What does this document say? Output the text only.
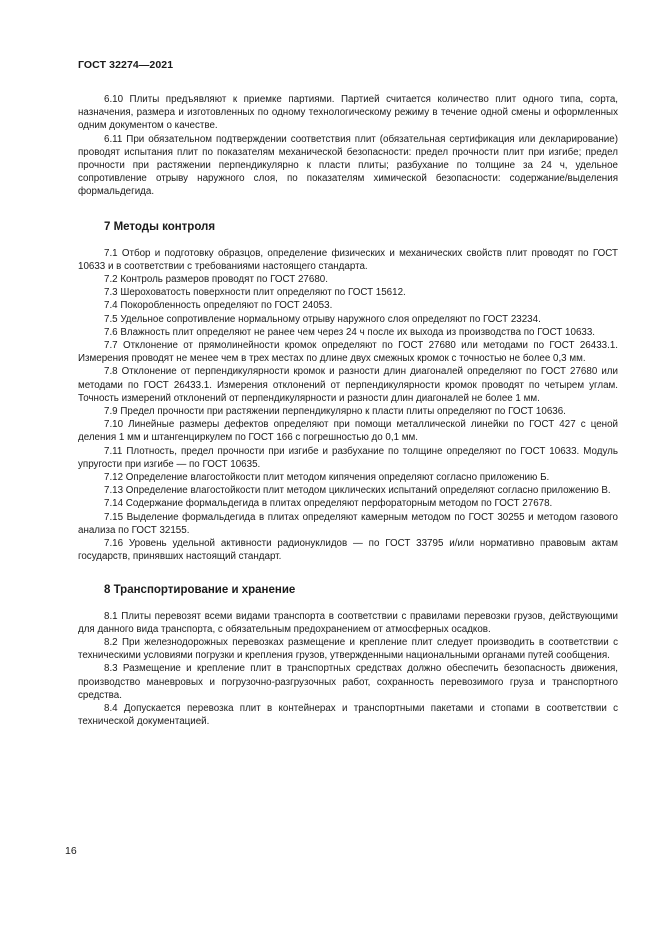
ГОСТ 32274—2021

6.10 Плиты предъявляют к приемке партиями. Партией считается количество плит одного типа, сорта, назначения, размера и изготовленных по одному технологическому режиму в течение одной смены и оформленных одним документом о качестве.

6.11 При обязательном подтверждении соответствия плит (обязательная сертификация или декларирование) проводят испытания плит по показателям механической безопасности: предел прочности плит при изгибе; предел прочности при растяжении перпендикулярно к пласти плиты; разбухание по толщине за 24 ч, удельное сопротивление отрыву наружного слоя, по показателям химической безопасности: содержание/выделения формальдегида.

7 Методы контроля

7.1 Отбор и подготовку образцов, определение физических и механических свойств плит проводят по ГОСТ 10633 и в соответствии с требованиями настоящего стандарта.

7.2 Контроль размеров проводят по ГОСТ 27680.

7.3 Шероховатость поверхности плит определяют по ГОСТ 15612.

7.4 Покоробленность определяют по ГОСТ 24053.

7.5 Удельное сопротивление нормальному отрыву наружного слоя определяют по ГОСТ 23234.

7.6 Влажность плит определяют не ранее чем через 24 ч после их выхода из производства по ГОСТ 10633.

7.7 Отклонение от прямолинейности кромок определяют по ГОСТ 27680 или методами по ГОСТ 26433.1. Измерения проводят не менее чем в трех местах по длине двух смежных кромок с точностью не более 0,3 мм.

7.8 Отклонение от перпендикулярности кромок и разности длин диагоналей определяют по ГОСТ 27680 или методами по ГОСТ 26433.1. Измерения отклонений от перпендикулярности кромок проводят по четырем углам. Точность измерений отклонений от перпендикулярности и разности длин диагоналей не более 1 мм.

7.9 Предел прочности при растяжении перпендикулярно к пласти плиты определяют по ГОСТ 10636.

7.10 Линейные размеры дефектов определяют при помощи металлической линейки по ГОСТ 427 с ценой деления 1 мм и штангенциркулем по ГОСТ 166 с погрешностью до 0,1 мм.

7.11 Плотность, предел прочности при изгибе и разбухание по толщине определяют по ГОСТ 10633. Модуль упругости при изгибе — по ГОСТ 10635.

7.12 Определение влагостойкости плит методом кипячения определяют согласно приложению Б.

7.13 Определение влагостойкости плит методом циклических испытаний определяют согласно приложению В.

7.14 Содержание формальдегида в плитах определяют перфораторным методом по ГОСТ 27678.

7.15 Выделение формальдегида в плитах определяют камерным методом по ГОСТ 30255 и методом газового анализа по ГОСТ 32155.

7.16 Уровень удельной активности радионуклидов — по ГОСТ 33795 и/или нормативно правовым актам государств, принявших настоящий стандарт.

8 Транспортирование и хранение

8.1 Плиты перевозят всеми видами транспорта в соответствии с правилами перевозки грузов, действующими для данного вида транспорта, с обязательным предохранением от атмосферных осадков.

8.2 При железнодорожных перевозках размещение и крепление плит следует производить в соответствии с техническими условиями погрузки и крепления грузов, утвержденными национальными органами путей сообщения.

8.3 Размещение и крепление плит в транспортных средствах должно обеспечить безопасность движения, производство маневровых и погрузочно-разгрузочных работ, сохранность перевозимого груза и транспортного средства.

8.4 Допускается перевозка плит в контейнерах и транспортными пакетами и стопами в соответствии с технической документацией.

16
